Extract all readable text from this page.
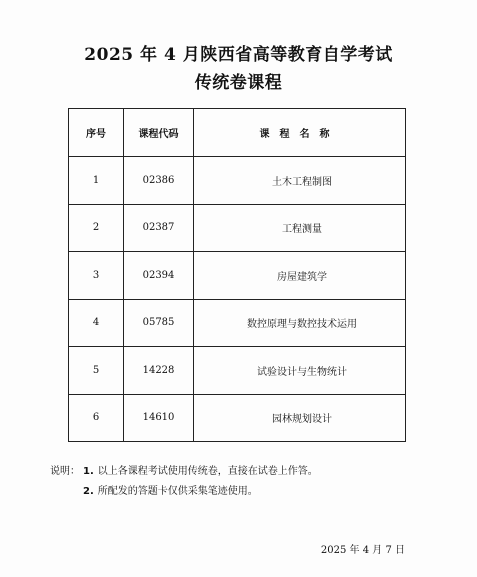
2025 年 4 月陕西省高等教育自学考试
传统卷课程
序号	课程代码	课程名称
1	02386	土木工程制图
2	02387	工程测量
3	02394	房屋建筑学
4	05785	数控原理与数控技术运用
5	14228	试验设计与生物统计
6	14610	园林规划设计
说明： 1. 以上各课程考试使用传统卷，直接在试卷上作答。
2. 所配发的答题卡仅供采集笔迹使用。
2025 年 4 月 7 日
